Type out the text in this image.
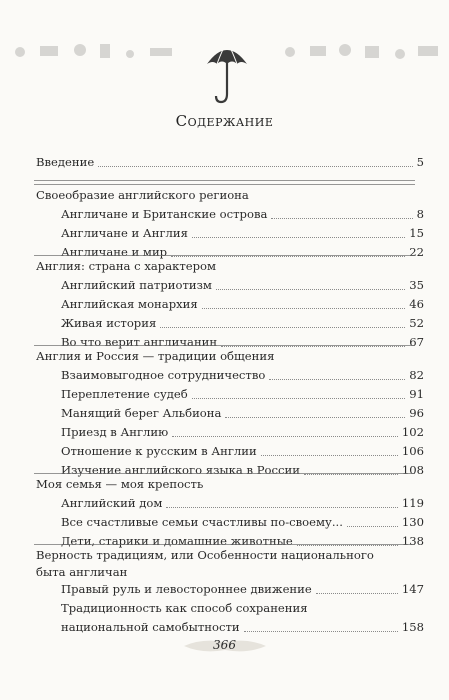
Содержание
Введение	5
Своеобразие английского региона
Англичане и Британские острова	8
Англичане и Англия	15
Англичане и мир	22
Англия: страна с характером
Английский патриотизм	35
Английская монархия	46
Живая история	52
Во что верит англичанин	67
Англия и Россия — традиции общения
Взаимовыгодное сотрудничество	82
Переплетение судеб	91
Манящий берег Альбиона	96
Приезд в Англию	102
Отношение к русским в Англии	106
Изучение английского языка в России	108
Моя семья — моя крепость
Английский дом	119
Все счастливые семьи счастливы по-своему...	130
Дети, старики и домашние животные	138
Верность традициям, или Особенности национального
быта англичан
Правый руль и левостороннее движение	147
Традиционность как способ сохранения
национальной самобытности	158
366
